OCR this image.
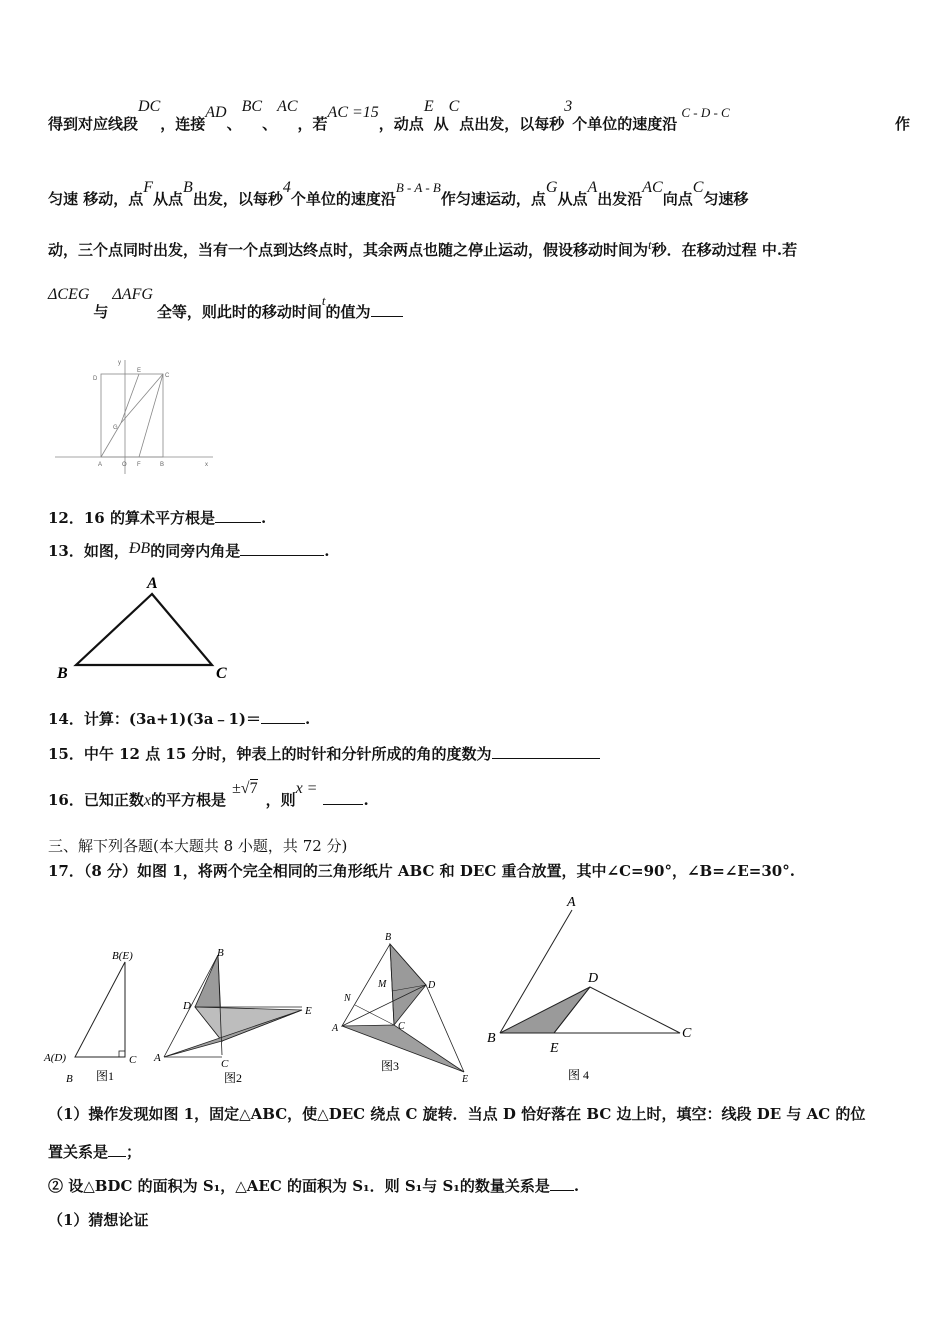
得到对应线段DC，连接AD、BC、AC，若AC =15，动点E从C点出发，以每秒3个单位的速度沿C - D - C
作
匀速 移动，点F从点B出发，以每秒4个单位的速度沿B - A - B作匀速运动，点G从点A出发沿AC向点C匀速移
动，三个点同时出发，当有一个点到达终点时，其余两点也随之停止运动，假设移动时间为t秒．在移动过程 中.若
ΔCEG与ΔAFG全等，则此时的移动时间t的值为
y
D
E
C
G
A	O F	B	x
12．16 的算术平方根是	.
13．如图，ÐB的同旁内角是	.
A
B	C
14．计算：(3a+1)(3a﹣1)＝	.
15．中午 12 点 15 分时，钟表上的时针和分针所成的角的度数为
16．已知正数x的平方根是±√7，则x =.
三、解下列各题(本大题共 8 小题，共 72 分)
17．（8 分）如图 1，将两个完全相同的三角形纸片 ABC 和 DEC 重合放置，其中∠C=90°，∠B=∠E=30°.
B(E)
A(D)	C
B 图1
B
D	E
A	C
图2
B
M	D
N
A	C
E
图3
A
D
B
E
C
图 4
（1）操作发现如图 1，固定△ABC，使△DEC 绕点 C 旋转．当点 D 恰好落在 BC 边上时，填空：线段 DE 与 AC 的位
置关系是 ；
② 设△BDC 的面积为 S₁，△AEC 的面积为 S₁．则 S₁与 S₁的数量关系是 .
（1）猜想论证
